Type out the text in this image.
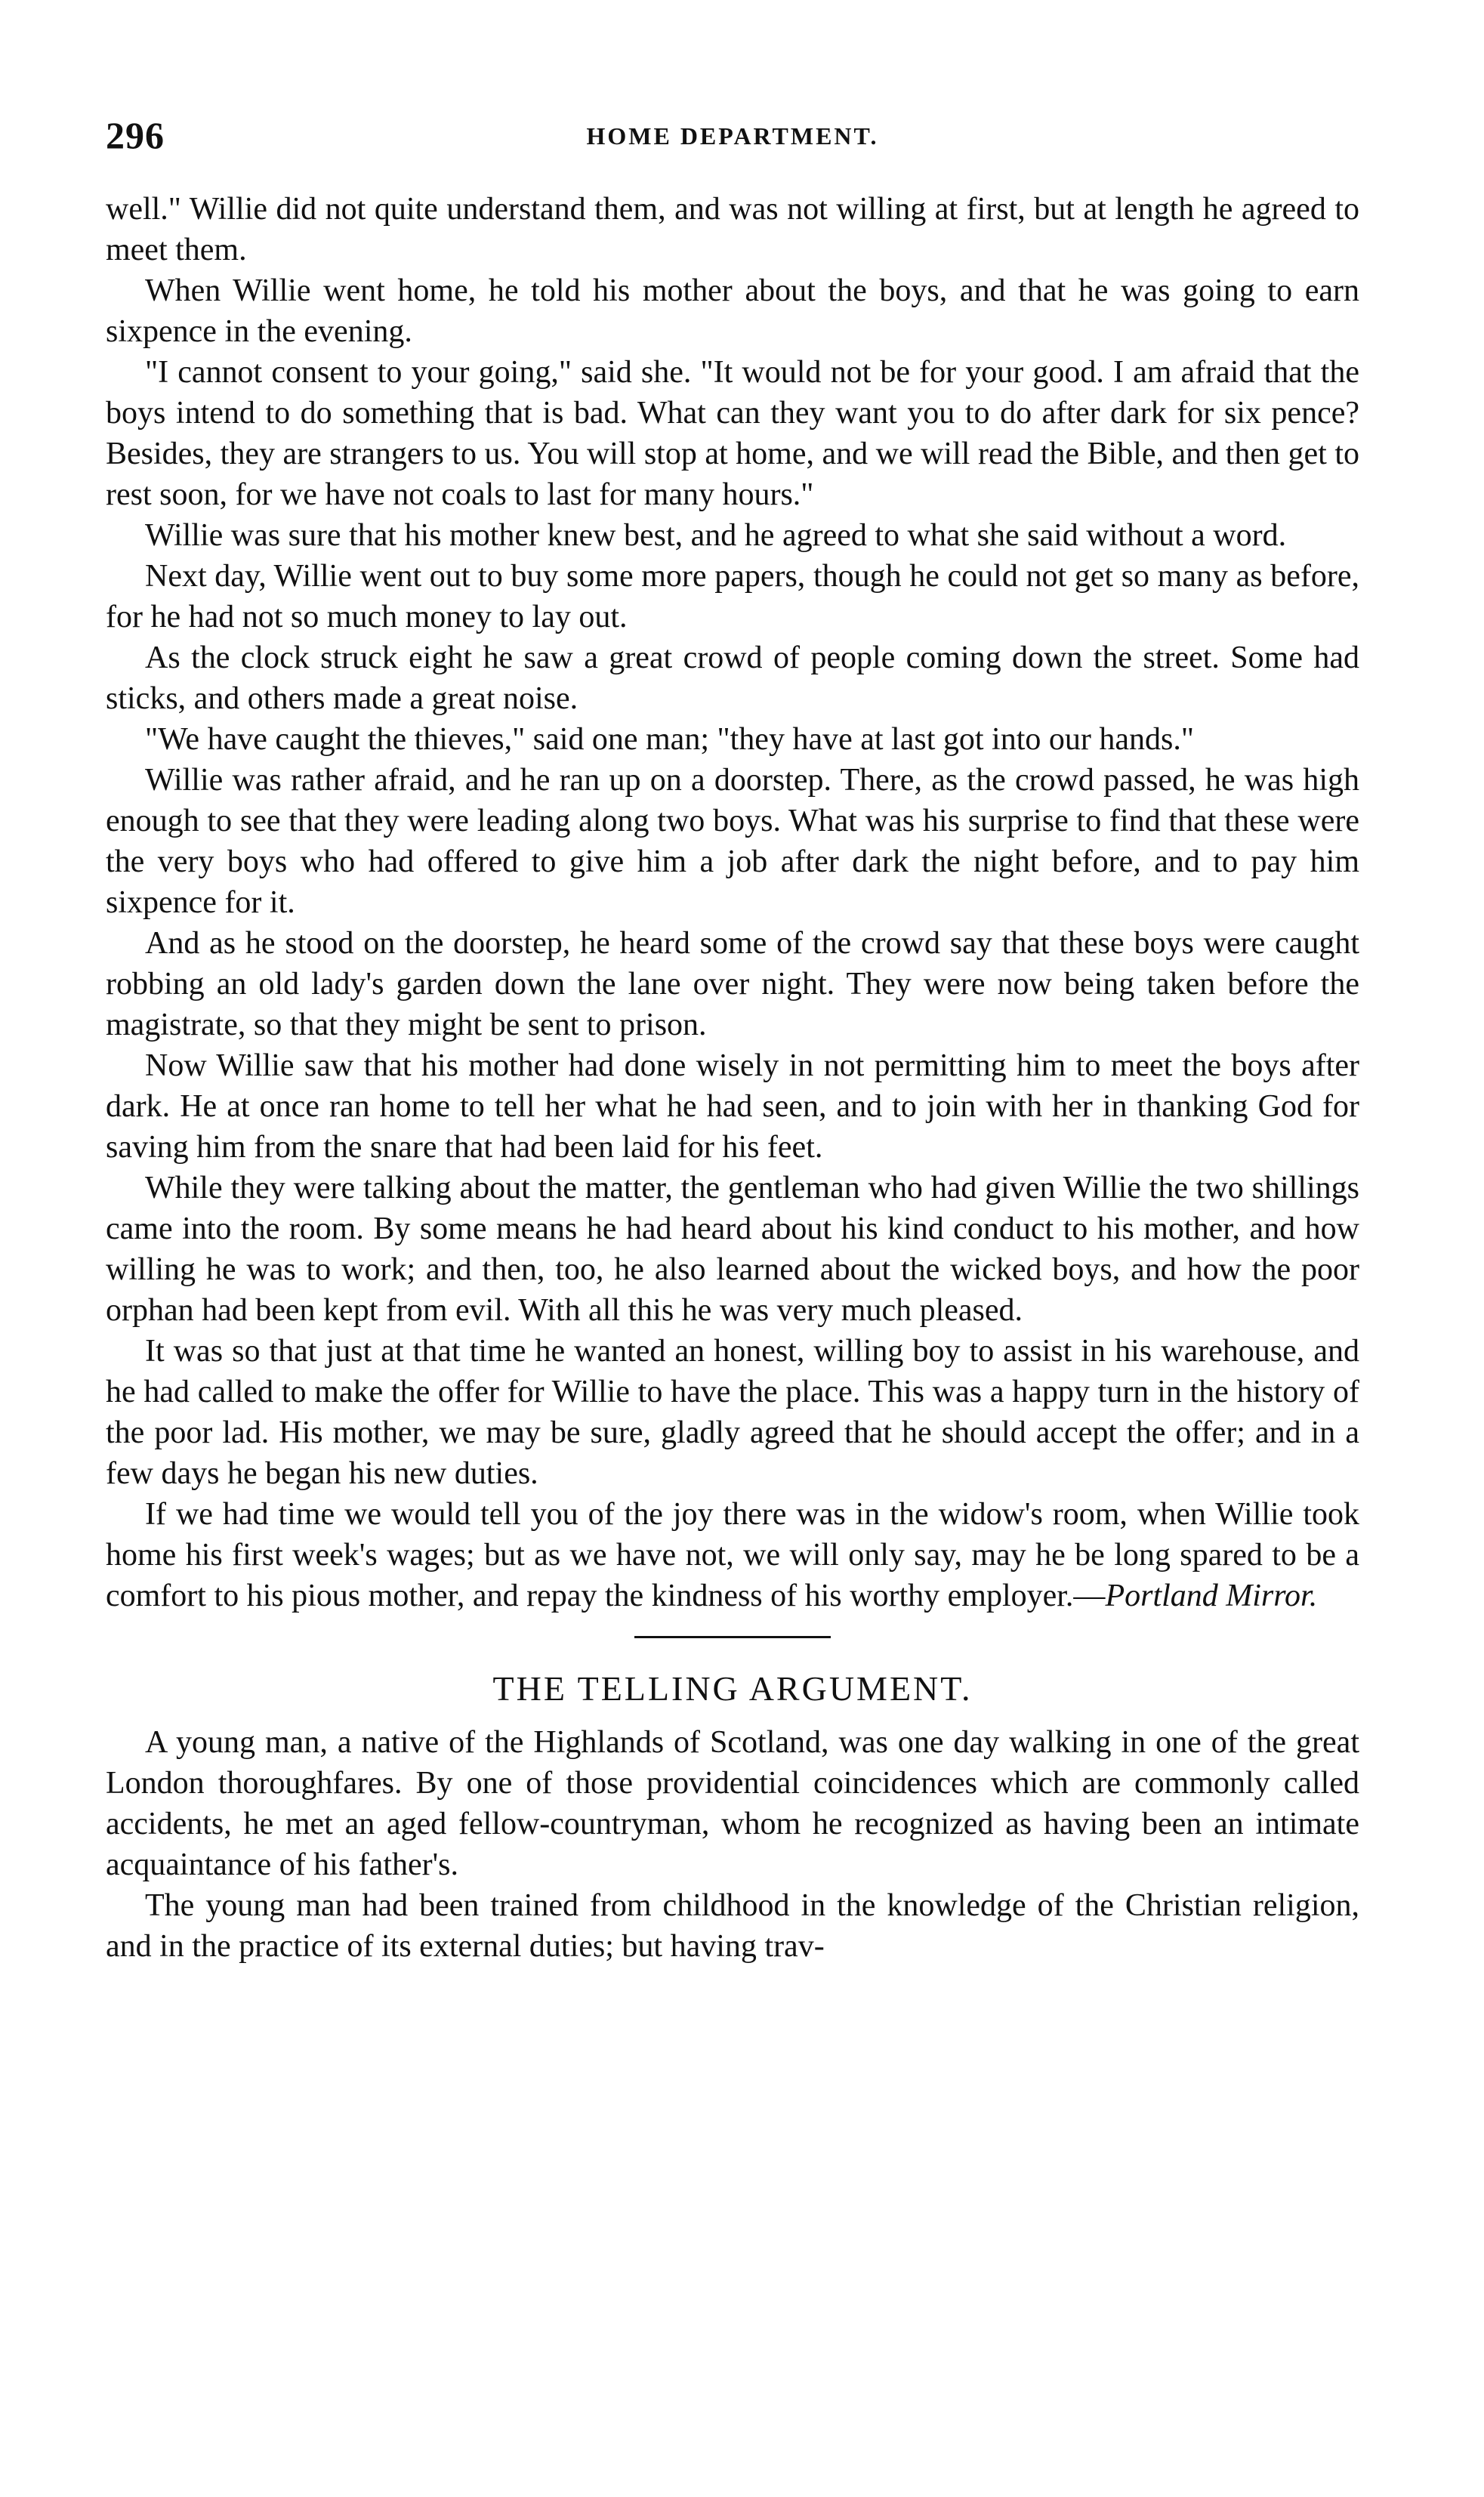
296	HOME DEPARTMENT.

well." Willie did not quite understand them, and was not willing at first, but at length he agreed to meet them.

When Willie went home, he told his mother about the boys, and that he was going to earn sixpence in the evening.

"I cannot consent to your going," said she. "It would not be for your good. I am afraid that the boys intend to do something that is bad. What can they want you to do after dark for six pence? Besides, they are strangers to us. You will stop at home, and we will read the Bible, and then get to rest soon, for we have not coals to last for many hours."

Willie was sure that his mother knew best, and he agreed to what she said without a word.

Next day, Willie went out to buy some more papers, though he could not get so many as before, for he had not so much money to lay out.

As the clock struck eight he saw a great crowd of people coming down the street. Some had sticks, and others made a great noise.

"We have caught the thieves," said one man; "they have at last got into our hands."

Willie was rather afraid, and he ran up on a doorstep. There, as the crowd passed, he was high enough to see that they were leading along two boys. What was his surprise to find that these were the very boys who had offered to give him a job after dark the night before, and to pay him sixpence for it.

And as he stood on the doorstep, he heard some of the crowd say that these boys were caught robbing an old lady's garden down the lane over night. They were now being taken before the magistrate, so that they might be sent to prison.

Now Willie saw that his mother had done wisely in not permitting him to meet the boys after dark. He at once ran home to tell her what he had seen, and to join with her in thanking God for saving him from the snare that had been laid for his feet.

While they were talking about the matter, the gentleman who had given Willie the two shillings came into the room. By some means he had heard about his kind conduct to his mother, and how willing he was to work; and then, too, he also learned about the wicked boys, and how the poor orphan had been kept from evil. With all this he was very much pleased.

It was so that just at that time he wanted an honest, willing boy to assist in his warehouse, and he had called to make the offer for Willie to have the place. This was a happy turn in the history of the poor lad. His mother, we may be sure, gladly agreed that he should accept the offer; and in a few days he began his new duties.

If we had time we would tell you of the joy there was in the widow's room, when Willie took home his first week's wages; but as we have not, we will only say, may he be long spared to be a comfort to his pious mother, and repay the kindness of his worthy employer.—Portland Mirror.

THE TELLING ARGUMENT.

A young man, a native of the Highlands of Scotland, was one day walking in one of the great London thoroughfares. By one of those providential coincidences which are commonly called accidents, he met an aged fellow-countryman, whom he recognized as having been an intimate acquaintance of his father's.

The young man had been trained from childhood in the knowledge of the Christian religion, and in the practice of its external duties; but having trav-
